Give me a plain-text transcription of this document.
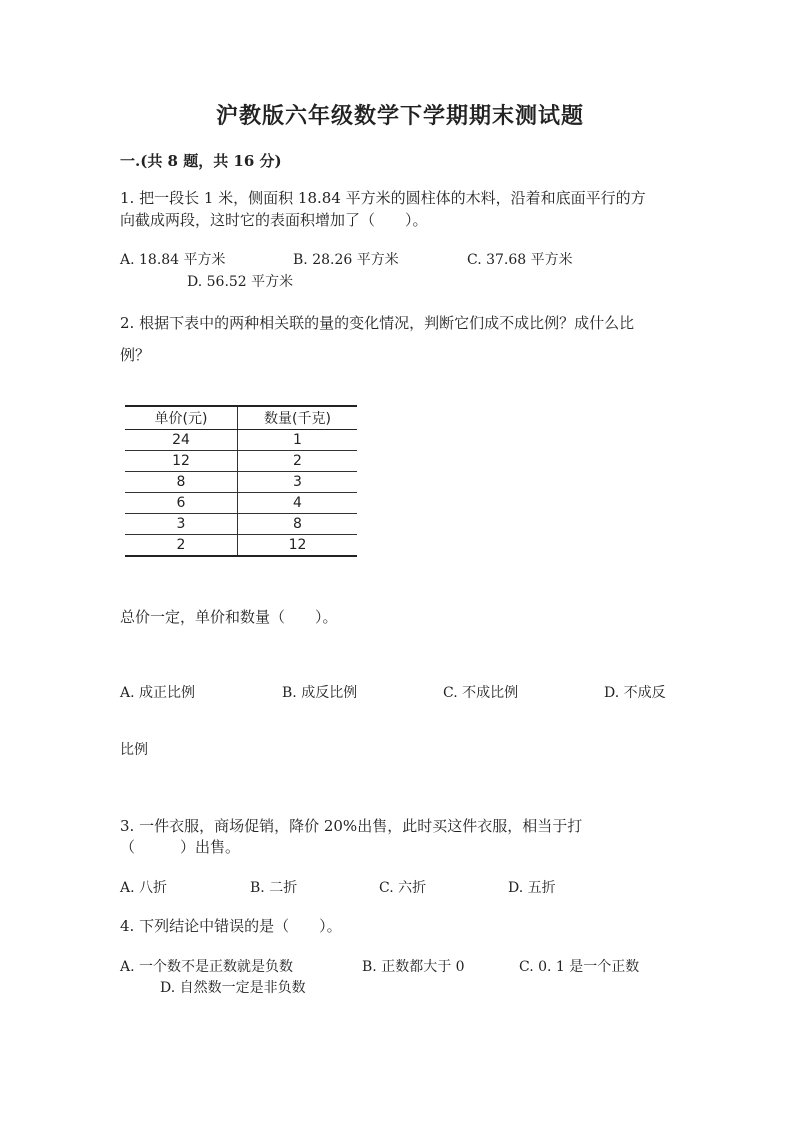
沪教版六年级数学下学期期末测试题
一.(共 8 题，共 16 分)
1. 把一段长 1 米，侧面积 18.84 平方米的圆柱体的木料，沿着和底面平行的方
向截成两段，这时它的表面积增加了（　　）。
A. 18.84 平方米	B. 28.26 平方米	C. 37.68 平方米
D. 56.52 平方米
2. 根据下表中的两种相关联的量的变化情况，判断它们成不成比例？成什么比
例？
单价(元)	数量(千克)
24	1
12	2
8	3
6	4
3	8
2	12
总价一定，单价和数量（　　）。
A. 成正比例	B. 成反比例	C. 不成比例	D. 不成反
比例
3. 一件衣服，商场促销，降价 20%出售，此时买这件衣服，相当于打
（　　　）出售。
A. 八折	B. 二折	C. 六折	D. 五折
4. 下列结论中错误的是（　　）。
A. 一个数不是正数就是负数	B. 正数都大于 0	C. 0. 1 是一个正数
D. 自然数一定是非负数
